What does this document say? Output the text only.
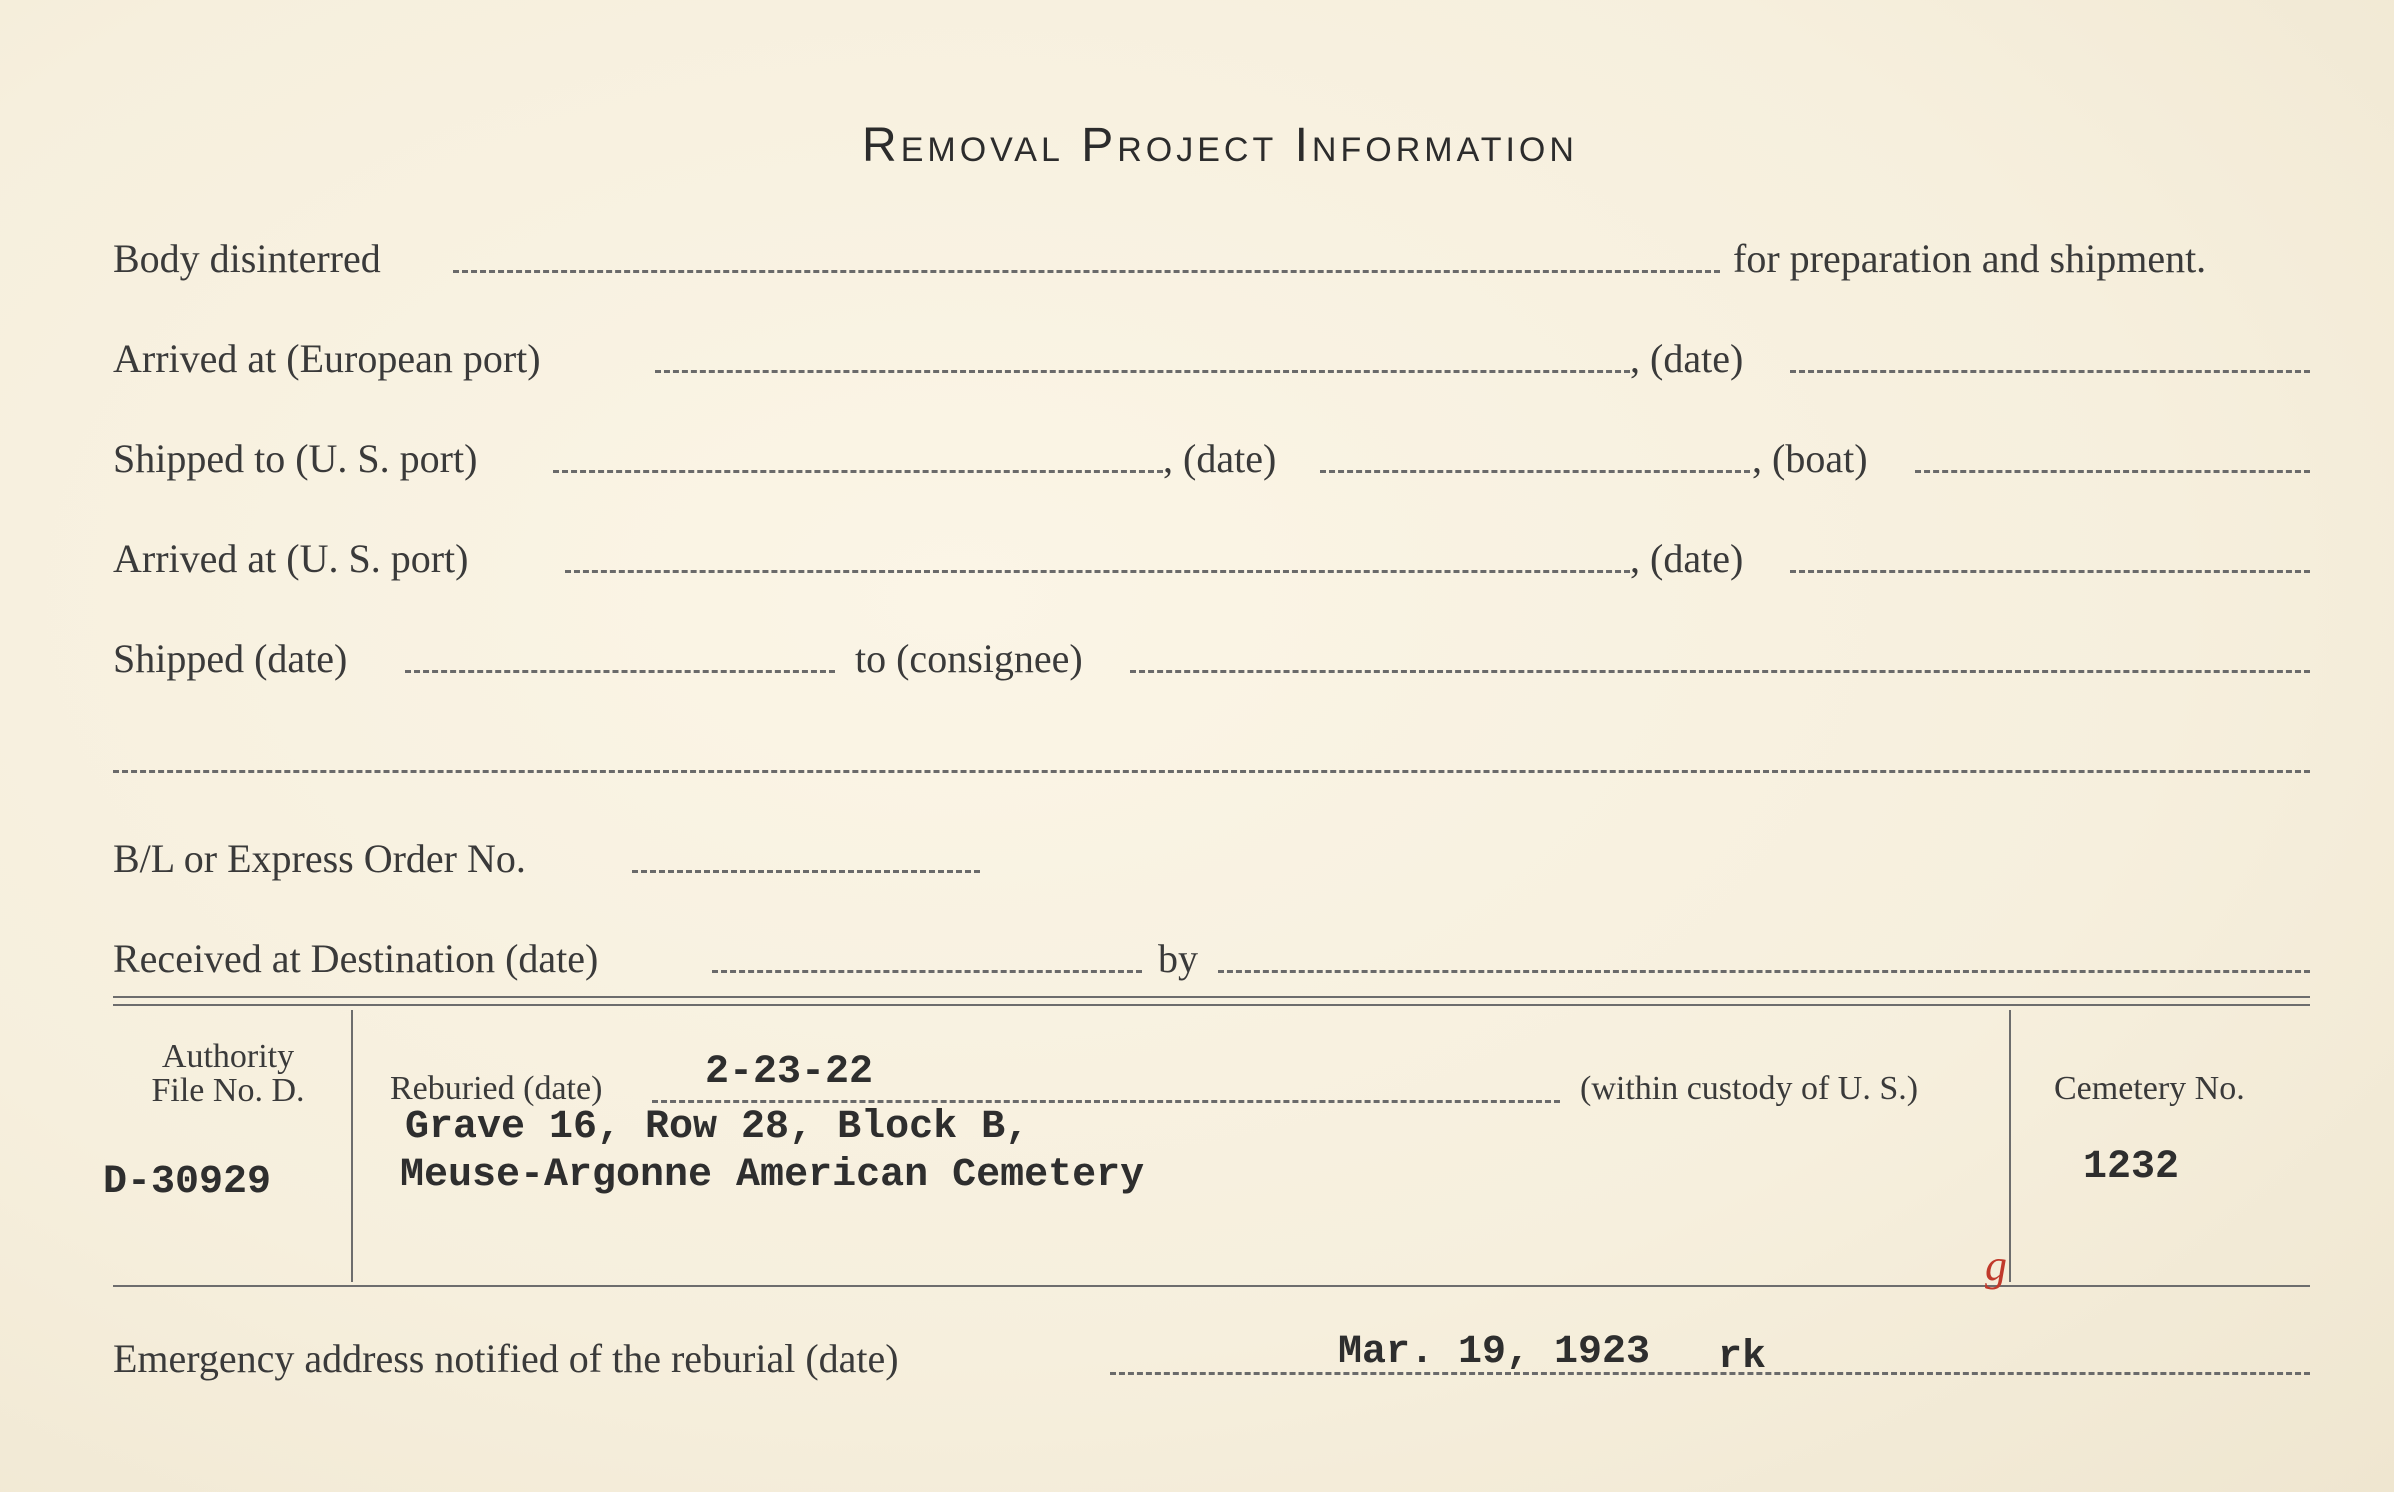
Removal Project Information
Body disinterred	for preparation and shipment.
Arrived at (European port)	, (date)
Shipped to (U. S. port)	, (date)	, (boat)
Arrived at (U. S. port)	, (date)
Shipped (date)	to (consignee)
B/L or Express Order No.
Received at Destination (date)	by
Authority
File No. D.
D-30929
Reburied (date)	2-23-22	(within custody of U. S.)
Grave 16, Row 28, Block B,
Meuse-Argonne American Cemetery
Cemetery No.
1232
g
Emergency address notified of the reburial (date)	Mar. 19, 1923 rk
